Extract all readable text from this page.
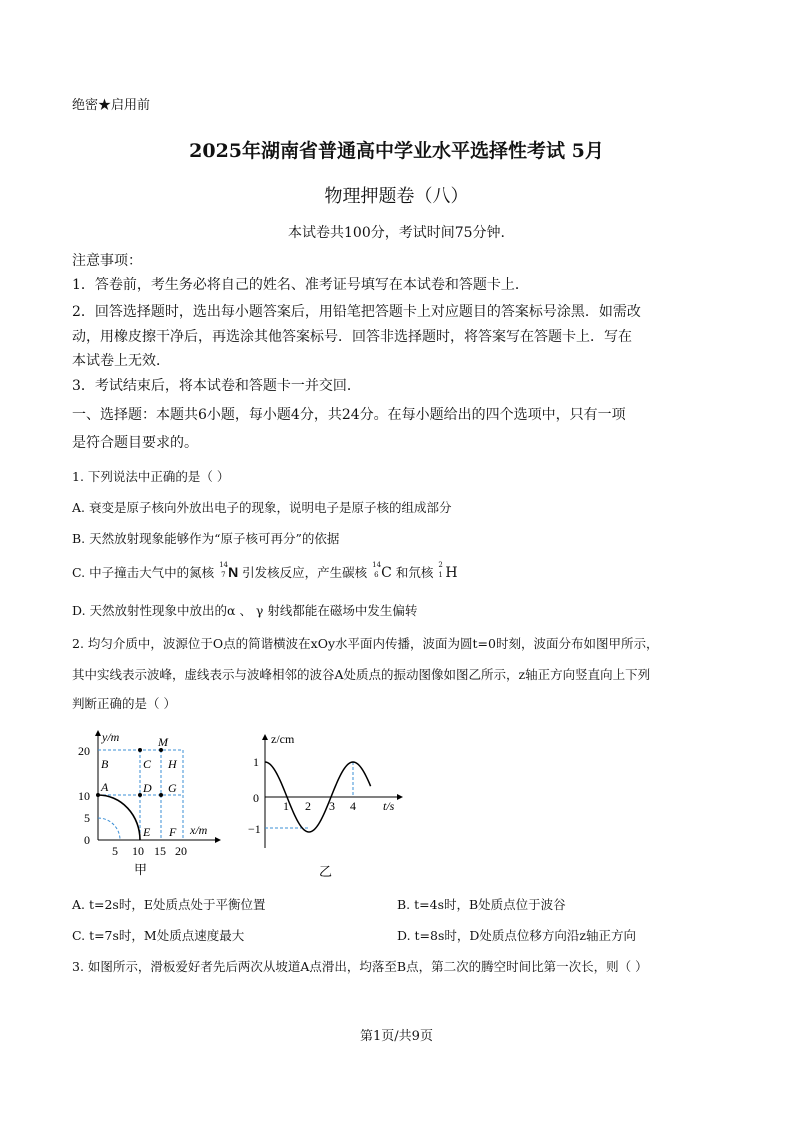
绝密★启用前
2025年湖南省普通高中学业水平选择性考试 5月
物理押题卷（八）
本试卷共100分，考试时间75分钟.
注意事项：
1．答卷前，考生务必将自己的姓名、准考证号填写在本试卷和答题卡上．
2．回答选择题时，选出每小题答案后，用铅笔把答题卡上对应题目的答案标号涂黑．如需改
动，用橡皮擦干净后，再选涂其他答案标号．回答非选择题时，将答案写在答题卡上．写在
本试卷上无效．
3．考试结束后，将本试卷和答题卡一并交回．
一、选择题：本题共6小题，每小题4分，共24分。在每小题给出的四个选项中，只有一项
是符合题目要求的。
1. 下列说法中正确的是（ ）
A. 衰变是原子核向外放出电子的现象，说明电子是原子核的组成部分
B. 天然放射现象能够作为“原子核可再分”的依据
C. 中子撞击大气中的氮核
14
7 N 引发核反应，产生碳核
14
6 C 和氘核
2
1 H
D. 天然放射性现象中放出的α 、 γ 射线都能在磁场中发生偏转
2. 均匀介质中，波源位于O点的简谐横波在xOy水平面内传播，波面为圆t=0时刻，波面分布如图甲所示，
其中实线表示波峰，虚线表示与波峰相邻的波谷A处质点的振动图像如图乙所示，z轴正方向竖直向上下列
判断正确的是（ ）
y/m
x/m
20
10
5
0
5 10 15 20
B	C
M
H
A	D G
E F
甲
z/cm
t/s
1
0
−1
1 2 3 4
乙
A. t=2s时，E处质点处于平衡位置	B. t=4s时，B处质点位于波谷
C. t=7s时，M处质点速度最大	D. t=8s时，D处质点位移方向沿z轴正方向
3. 如图所示，滑板爱好者先后两次从坡道A点滑出，均落至B点，第二次的腾空时间比第一次长，则（ ）
第1页/共9页
